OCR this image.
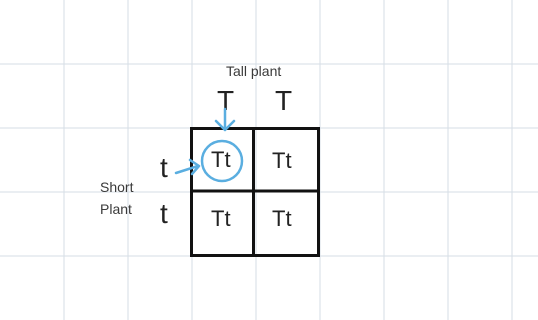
Tall plant
T T
Short
Plant
t
t
Tt Tt
Tt Tt
